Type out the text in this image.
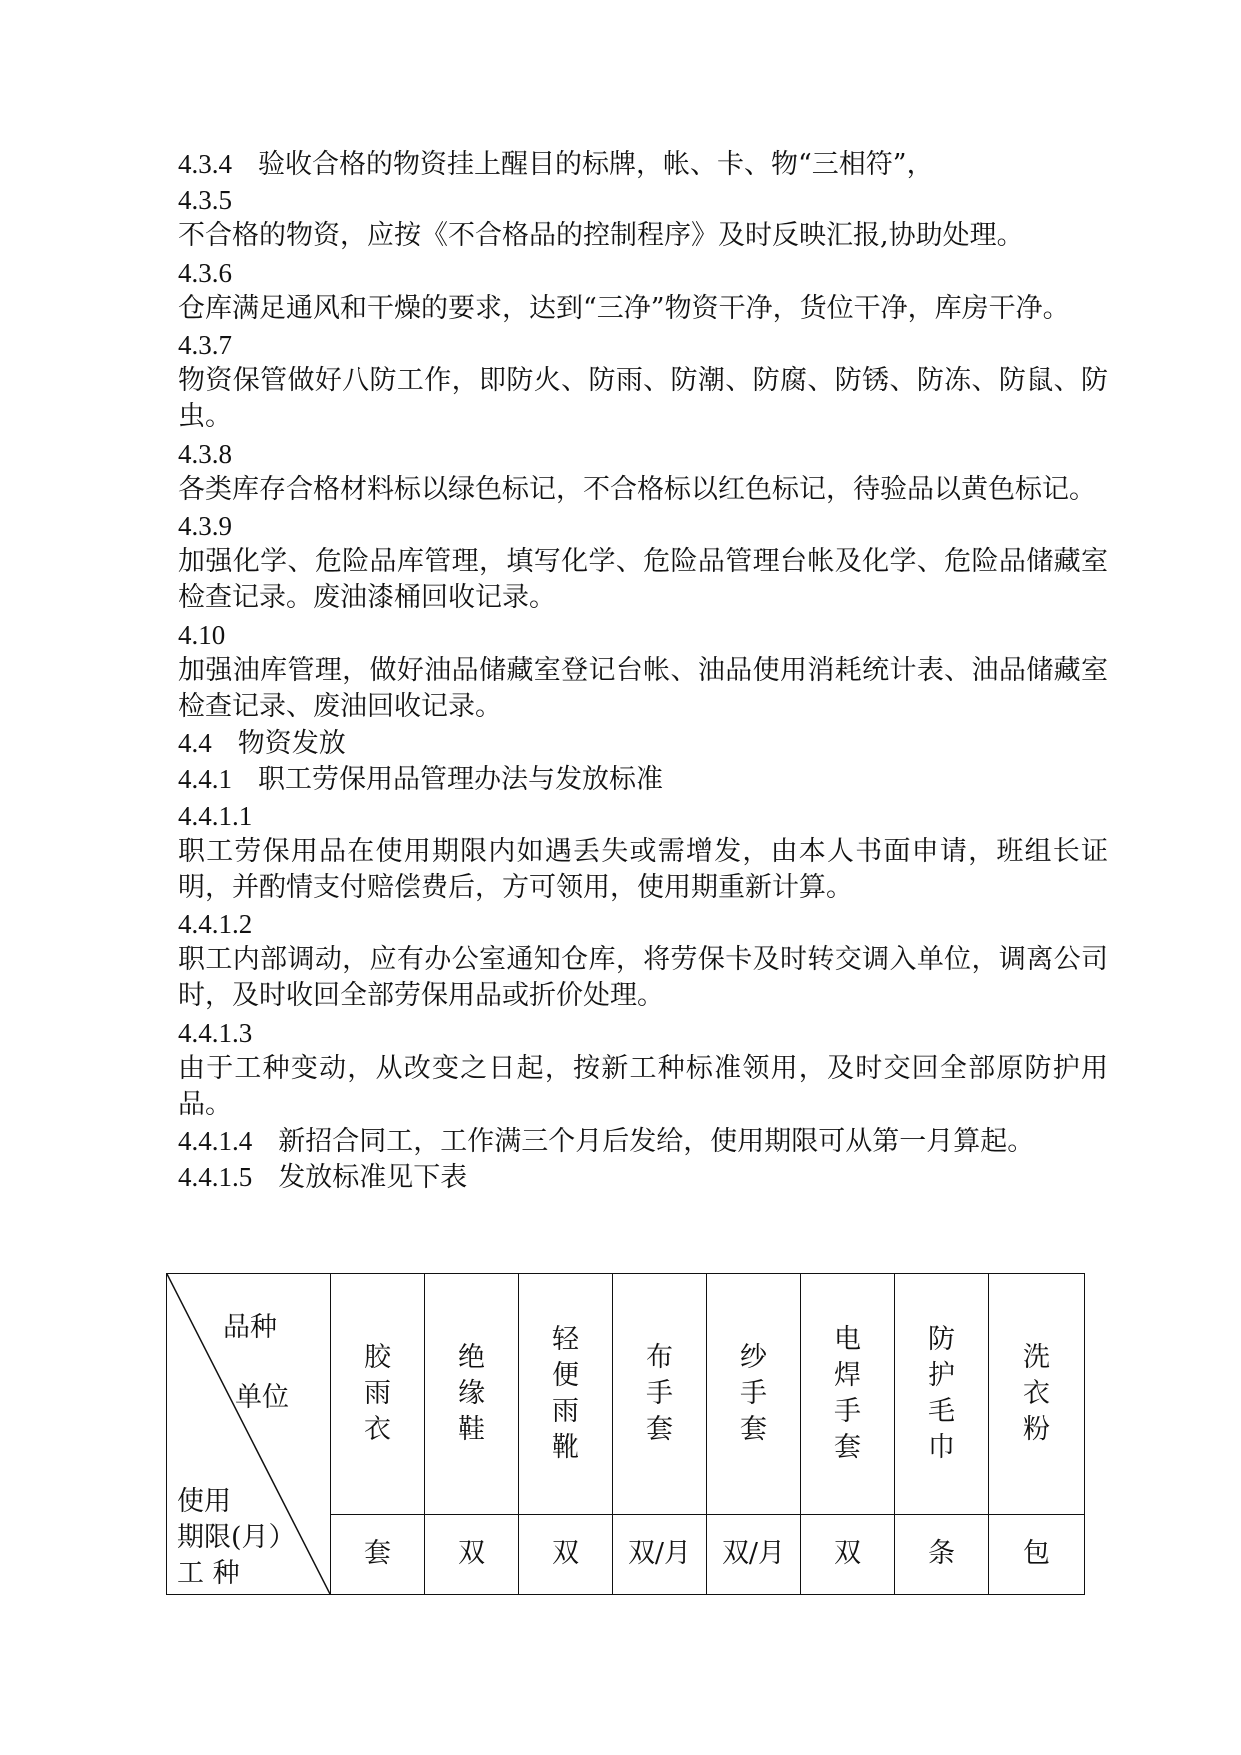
4.3.4 验收合格的物资挂上醒目的标牌，帐、卡、物“三相符”，
4.3.5
不合格的物资，应按《不合格品的控制程序》及时反映汇报,协助处理。
4.3.6
仓库满足通风和干燥的要求，达到“三净”物资干净，货位干净，库房干净。
4.3.7
物资保管做好八防工作，即防火、防雨、防潮、防腐、防锈、防冻、防鼠、防虫。
4.3.8
各类库存合格材料标以绿色标记，不合格标以红色标记，待验品以黄色标记。
4.3.9
加强化学、危险品库管理，填写化学、危险品管理台帐及化学、危险品储藏室检查记录。废油漆桶回收记录。
4.10
加强油库管理，做好油品储藏室登记台帐、油品使用消耗统计表、油品储藏室检查记录、废油回收记录。
4.4 物资发放
4.4.1 职工劳保用品管理办法与发放标准
4.4.1.1
职工劳保用品在使用期限内如遇丢失或需增发，由本人书面申请，班组长证明，并酌情支付赔偿费后，方可领用，使用期重新计算。
4.4.1.2
职工内部调动，应有办公室通知仓库，将劳保卡及时转交调入单位，调离公司时，及时收回全部劳保用品或折价处理。
4.4.1.3
由于工种变动，从改变之日起，按新工种标准领用，及时交回全部原防护用品。
4.4.1.4 新招合同工，工作满三个月后发给，使用期限可从第一月算起。
4.4.1.5 发放标准见下表
品种
单位
使用
期限(月）
工 种	胶雨衣	绝缘鞋	轻便雨靴	布手套	纱手套	电焊手套	防护毛巾	洗衣粉
	套	双	双	双/月	双/月	双	条	包
